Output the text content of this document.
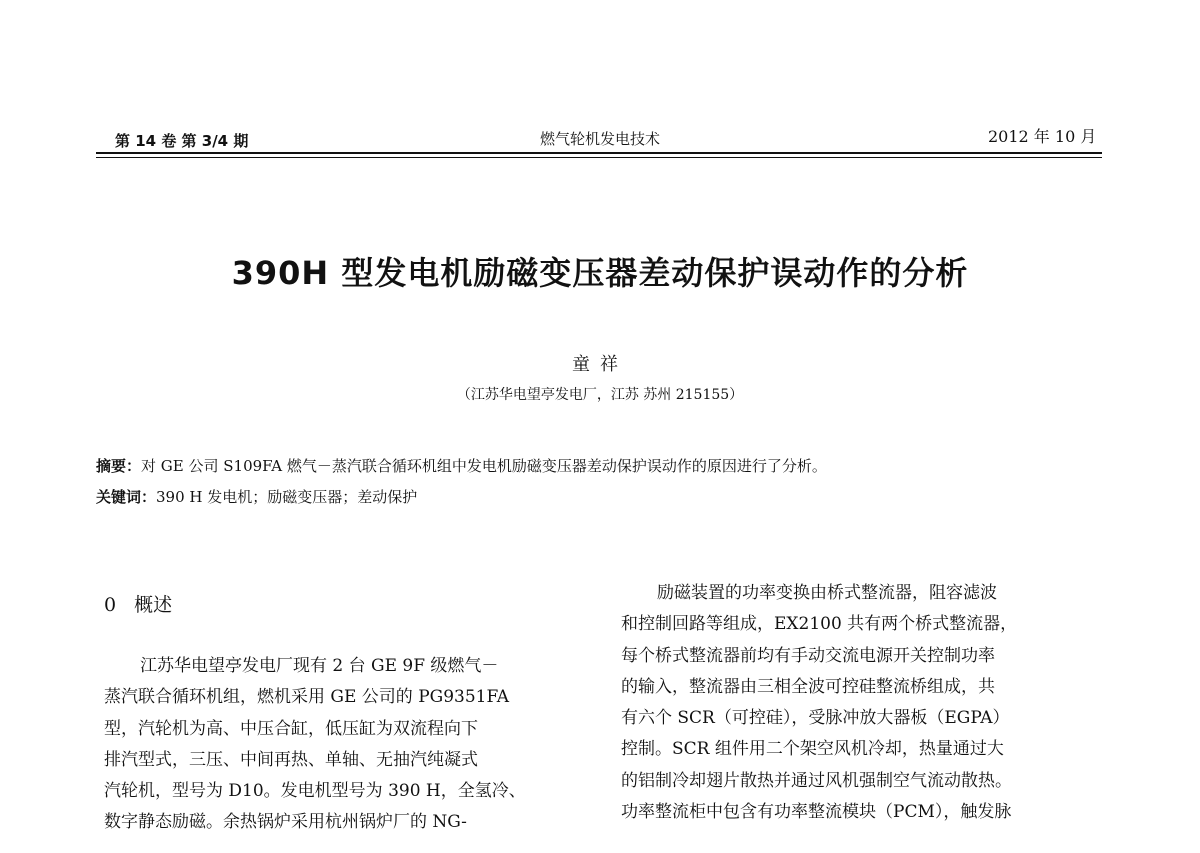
第 14 卷 第 3/4 期	燃气轮机发电技术	2012 年 10 月
390H 型发电机励磁变压器差动保护误动作的分析
童祥
（江苏华电望亭发电厂，江苏 苏州 215155）
摘要：对 GE 公司 S109FA 燃气－蒸汽联合循环机组中发电机励磁变压器差动保护误动作的原因进行了分析。
关键词：390 H 发电机；励磁变压器；差动保护
0 概述

江苏华电望亭发电厂现有 2 台 GE 9F 级燃气－

蒸汽联合循环机组，燃机采用 GE 公司的 PG9351FA

型，汽轮机为高、中压合缸，低压缸为双流程向下

排汽型式，三压、中间再热、单轴、无抽汽纯凝式

汽轮机，型号为 D10。发电机型号为 390 H，全氢冷、

数字静态励磁。余热锅炉采用杭州锅炉厂的 NG-

励磁装置的功率变换由桥式整流器，阻容滤波

和控制回路等组成，EX2100 共有两个桥式整流器，

每个桥式整流器前均有手动交流电源开关控制功率

的输入，整流器由三相全波可控硅整流桥组成，共

有六个 SCR（可控硅），受脉冲放大器板（EGPA）

控制。SCR 组件用二个架空风机冷却，热量通过大

的铝制冷却翅片散热并通过风机强制空气流动散热。

功率整流柜中包含有功率整流模块（PCM），触发脉
